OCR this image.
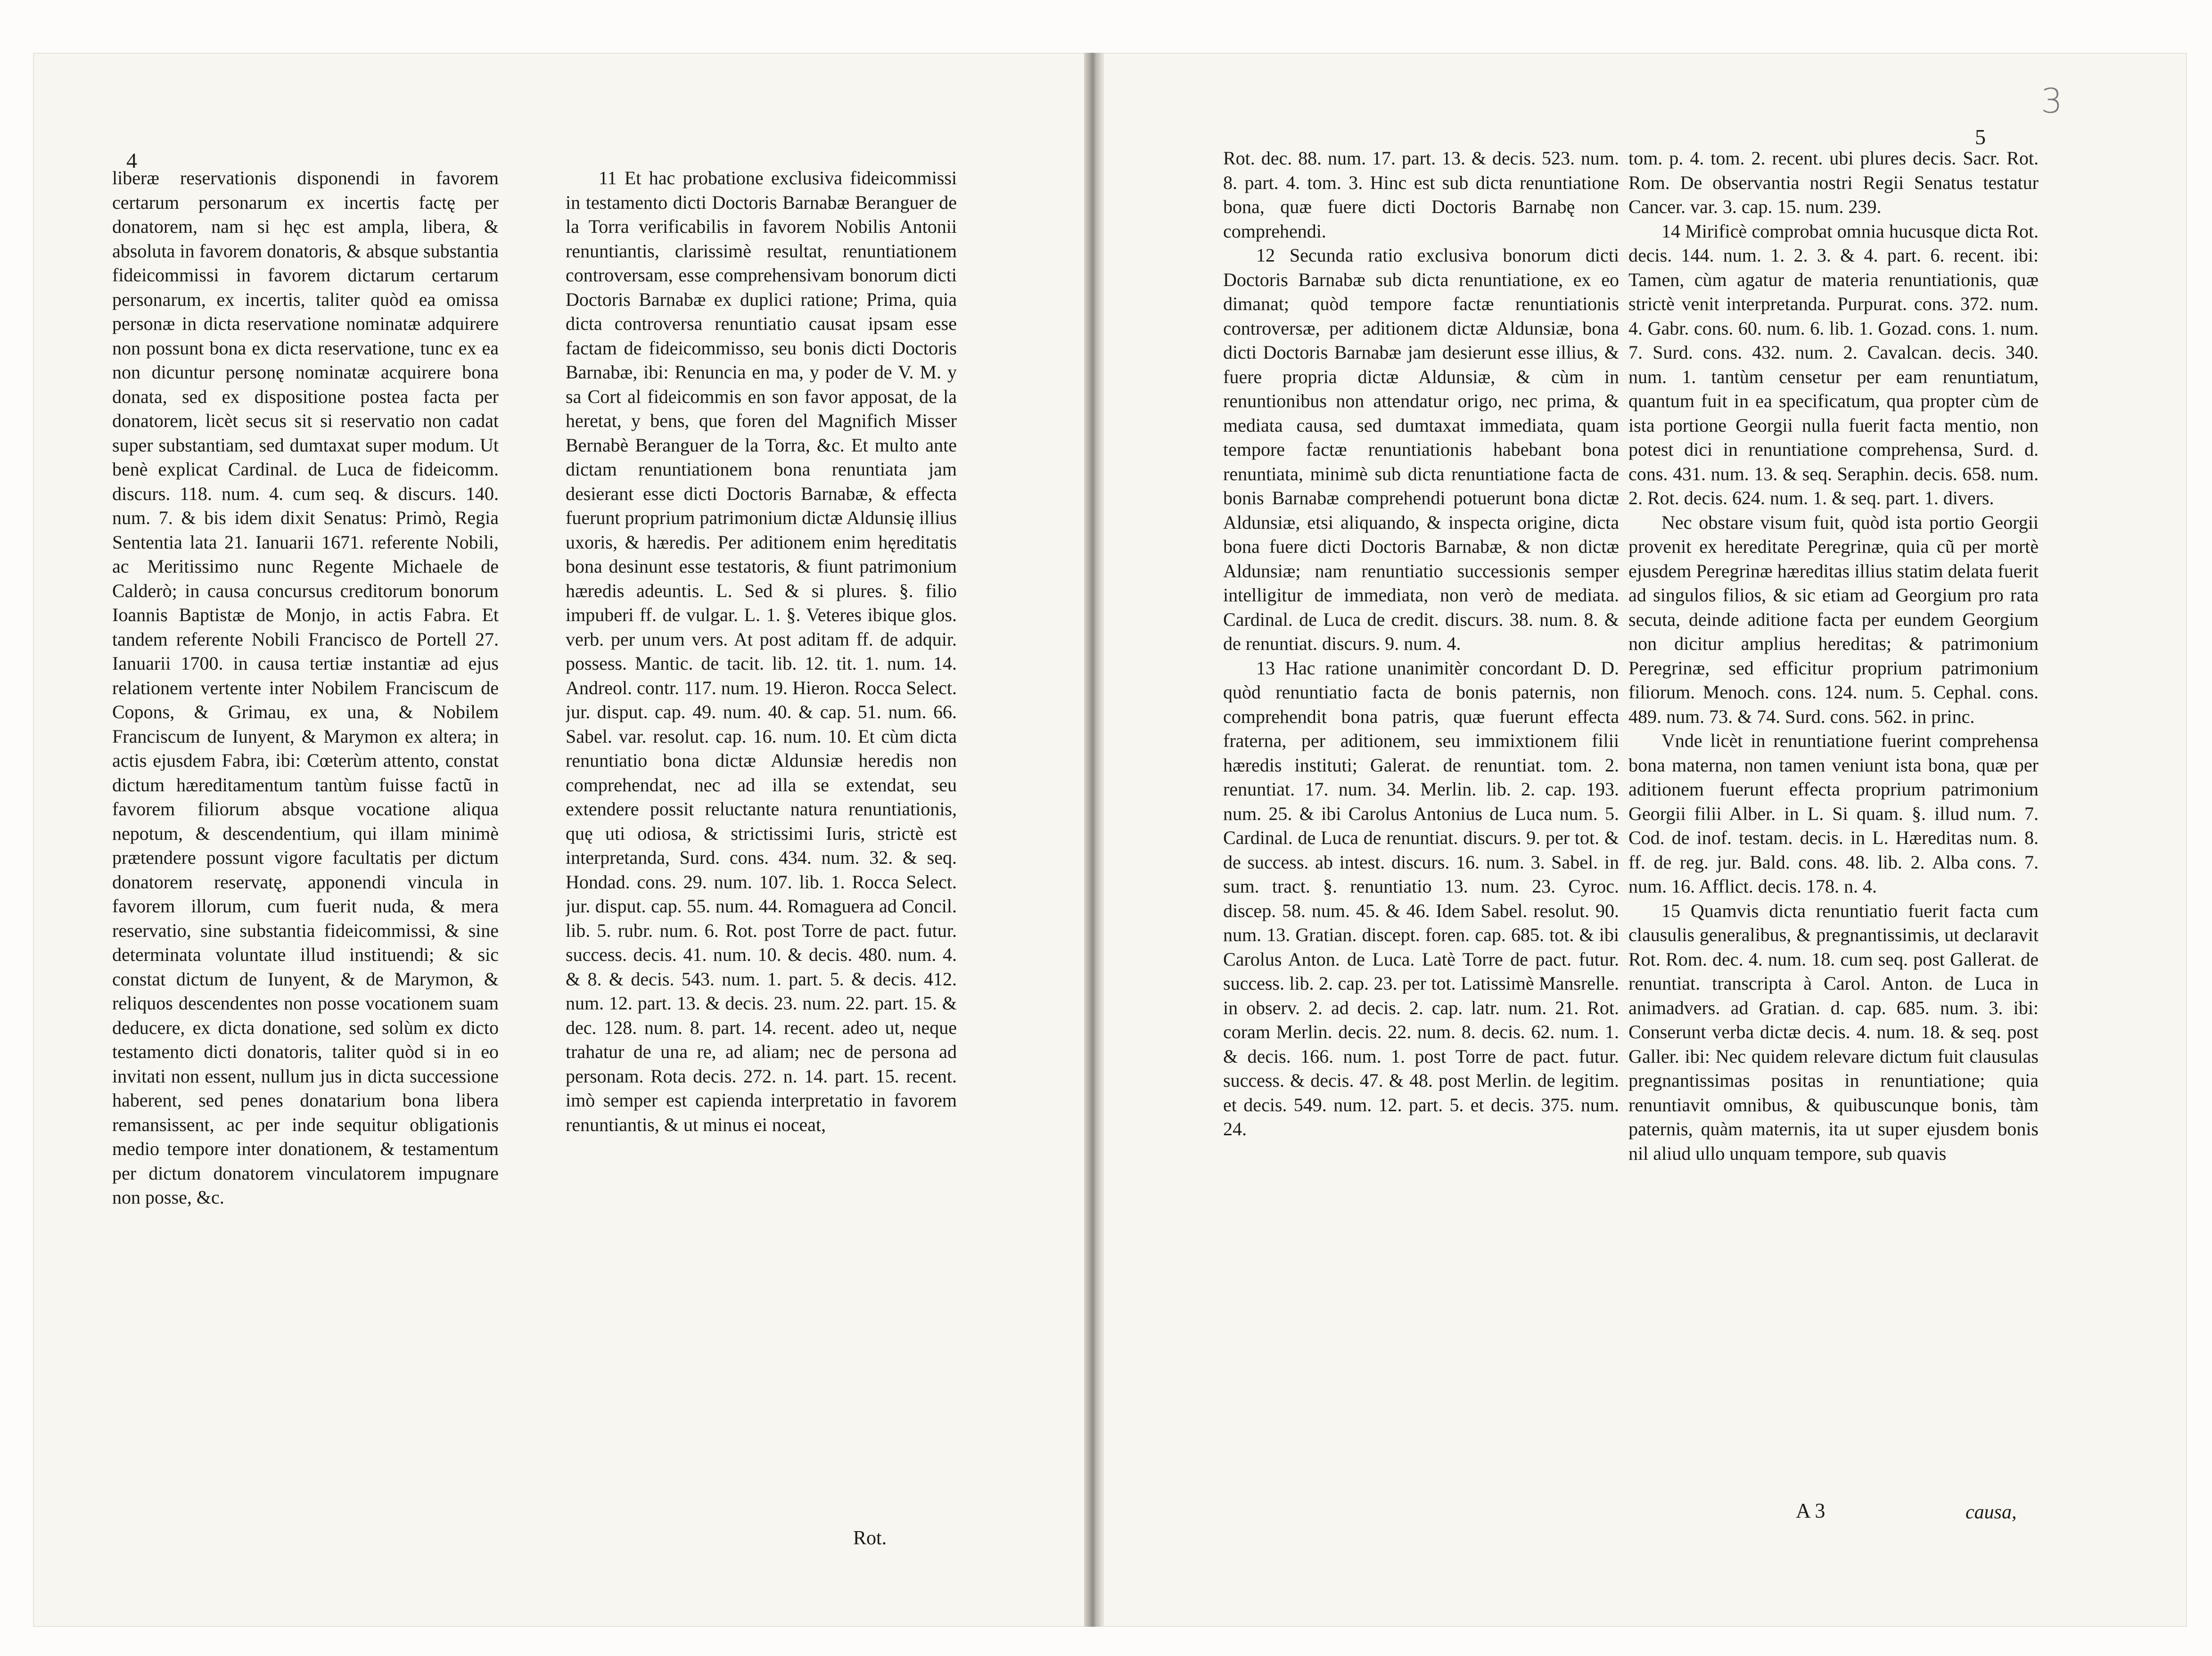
4

liberæ reservationis disponendi in favorem certarum personarum ex incertis factę per donatorem, nam si hęc est ampla, libera, & absoluta in favorem donatoris, & absque substantia fideicommissi in favorem dictarum certarum personarum, ex incertis, taliter quòd ea omissa personæ in dicta reservatione nominatæ adquirere non possunt bona ex dicta reservatione, tunc ex ea non dicuntur personę nominatæ acquirere bona donata, sed ex dispositione postea facta per donatorem, licèt secus sit si reservatio non cadat super substantiam, sed dumtaxat super modum. Ut benè explicat Cardinal. de Luca de fideicomm. discurs. 118. num. 4. cum seq. & discurs. 140. num. 7. & bis idem dixit Senatus: Primò, Regia Sententia lata 21. Ianuarii 1671. referente Nobili, ac Meritissimo nunc Regente Michaele de Calderò; in causa concursus creditorum bonorum Ioannis Baptistæ de Monjo, in actis Fabra. Et tandem referente Nobili Francisco de Portell 27. Ianuarii 1700. in causa tertiæ instantiæ ad ejus relationem vertente inter Nobilem Franciscum de Copons, & Grimau, ex una, & Nobilem Franciscum de Iunyent, & Marymon ex altera; in actis ejusdem Fabra, ibi: Cœterùm attento, constat dictum hæreditamentum tantùm fuisse factũ in favorem filiorum absque vocatione aliqua nepotum, & descendentium, qui illam minimè prætendere possunt vigore facultatis per dictum donatorem reservatę, apponendi vincula in favorem illorum, cum fuerit nuda, & mera reservatio, sine substantia fideicommissi, & sine determinata voluntate illud instituendi; & sic constat dictum de Iunyent, & de Marymon, & reliquos descendentes non posse vocationem suam deducere, ex dicta donatione, sed solùm ex dicto testamento dicti donatoris, taliter quòd si in eo invitati non essent, nullum jus in dicta successione haberent, sed penes donatarium bona libera remansissent, ac per inde sequitur obligationis medio tempore inter donationem, & testamentum per dictum donatorem vinculatorem impugnare non posse, &c.

11 Et hac probatione exclusiva fideicommissi in testamento dicti Doctoris Barnabæ Beranguer de la Torra verificabilis in favorem Nobilis Antonii renuntiantis, clarissimè resultat, renuntiationem controversam, esse comprehensivam bonorum dicti Doctoris Barnabæ ex duplici ratione; Prima, quia dicta controversa renuntiatio causat ipsam esse factam de fideicommisso, seu bonis dicti Doctoris Barnabæ, ibi: Renuncia en ma, y poder de V. M. y sa Cort al fideicommis en son favor apposat, de la heretat, y bens, que foren del Magnifich Misser Bernabè Beranguer de la Torra, &c. Et multo ante dictam renuntiationem bona renuntiata jam desierant esse dicti Doctoris Barnabæ, & effecta fuerunt proprium patrimonium dictæ Aldunsię illius uxoris, & hæredis. Per aditionem enim hęreditatis bona desinunt esse testatoris, & fiunt patrimonium hæredis adeuntis. L. Sed & si plures. §. filio impuberi ff. de vulgar. L. 1. §. Veteres ibique glos. verb. per unum vers. At post aditam ff. de adquir. possess. Mantic. de tacit. lib. 12. tit. 1. num. 14. Andreol. contr. 117. num. 19. Hieron. Rocca Select. jur. disput. cap. 49. num. 40. & cap. 51. num. 66. Sabel. var. resolut. cap. 16. num. 10. Et cùm dicta renuntiatio bona dictæ Aldunsiæ heredis non comprehendat, nec ad illa se extendat, seu extendere possit reluctante natura renuntiationis, quę uti odiosa, & strictissimi Iuris, strictè est interpretanda, Surd. cons. 434. num. 32. & seq. Hondad. cons. 29. num. 107. lib. 1. Rocca Select. jur. disput. cap. 55. num. 44. Romaguera ad Concil. lib. 5. rubr. num. 6. Rot. post Torre de pact. futur. success. decis. 41. num. 10. & decis. 480. num. 4. & 8. & decis. 543. num. 1. part. 5. & decis. 412. num. 12. part. 13. & decis. 23. num. 22. part. 15. & dec. 128. num. 8. part. 14. recent. adeo ut, neque trahatur de una re, ad aliam; nec de persona ad personam. Rota decis. 272. n. 14. part. 15. recent. imò semper est capienda interpretatio in favorem renuntiantis, & ut minus ei noceat,

Rot.
3
5

Rot. dec. 88. num. 17. part. 13. & decis. 523. num. 8. part. 4. tom. 3. Hinc est sub dicta renuntiatione bona, quæ fuere dicti Doctoris Barnabę non comprehendi.

12 Secunda ratio exclusiva bonorum dicti Doctoris Barnabæ sub dicta renuntiatione, ex eo dimanat; quòd tempore factæ renuntiationis controversæ, per aditionem dictæ Aldunsiæ, bona dicti Doctoris Barnabæ jam desierunt esse illius, & fuere propria dictæ Aldunsiæ, & cùm in renuntionibus non attendatur origo, nec prima, & mediata causa, sed dumtaxat immediata, quam tempore factæ renuntiationis habebant bona renuntiata, minimè sub dicta renuntiatione facta de bonis Barnabæ comprehendi potuerunt bona dictæ Aldunsiæ, etsi aliquando, & inspecta origine, dicta bona fuere dicti Doctoris Barnabæ, & non dictæ Aldunsiæ; nam renuntiatio successionis semper intelligitur de immediata, non verò de mediata. Cardinal. de Luca de credit. discurs. 38. num. 8. & de renuntiat. discurs. 9. num. 4.

13 Hac ratione unanimitèr concordant D. D. quòd renuntiatio facta de bonis paternis, non comprehendit bona patris, quæ fuerunt effecta fraterna, per aditionem, seu immixtionem filii hæredis instituti; Galerat. de renuntiat. tom. 2. renuntiat. 17. num. 34. Merlin. lib. 2. cap. 193. num. 25. & ibi Carolus Antonius de Luca num. 5. Cardinal. de Luca de renuntiat. discurs. 9. per tot. & de success. ab intest. discurs. 16. num. 3. Sabel. in sum. tract. §. renuntiatio 13. num. 23. Cyroc. discep. 58. num. 45. & 46. Idem Sabel. resolut. 90. num. 13. Gratian. discept. foren. cap. 685. tot. & ibi Carolus Anton. de Luca. Latè Torre de pact. futur. success. lib. 2. cap. 23. per tot. Latissimè Mansrelle. in observ. 2. ad decis. 2. cap. latr. num. 21. Rot. coram Merlin. decis. 22. num. 8. decis. 62. num. 1. & decis. 166. num. 1. post Torre de pact. futur. success. & decis. 47. & 48. post Merlin. de legitim. et decis. 549. num. 12. part. 5. et decis. 375. num. 24.

tom. p. 4. tom. 2. recent. ubi plures decis. Sacr. Rot. Rom. De observantia nostri Regii Senatus testatur Cancer. var. 3. cap. 15. num. 239.

14 Mirificè comprobat omnia hucusque dicta Rot. decis. 144. num. 1. 2. 3. & 4. part. 6. recent. ibi: Tamen, cùm agatur de materia renuntiationis, quæ strictè venit interpretanda. Purpurat. cons. 372. num. 4. Gabr. cons. 60. num. 6. lib. 1. Gozad. cons. 1. num. 7. Surd. cons. 432. num. 2. Cavalcan. decis. 340. num. 1. tantùm censetur per eam renuntiatum, quantum fuit in ea specificatum, qua propter cùm de ista portione Georgii nulla fuerit facta mentio, non potest dici in renuntiatione comprehensa, Surd. d. cons. 431. num. 13. & seq. Seraphin. decis. 658. num. 2. Rot. decis. 624. num. 1. & seq. part. 1. divers.

Nec obstare visum fuit, quòd ista portio Georgii provenit ex hereditate Peregrinæ, quia cũ per mortè ejusdem Peregrinæ hæreditas illius statim delata fuerit ad singulos filios, & sic etiam ad Georgium pro rata secuta, deinde aditione facta per eundem Georgium non dicitur amplius hereditas; & patrimonium Peregrinæ, sed efficitur proprium patrimonium filiorum. Menoch. cons. 124. num. 5. Cephal. cons. 489. num. 73. & 74. Surd. cons. 562. in princ.

Vnde licèt in renuntiatione fuerint comprehensa bona materna, non tamen veniunt ista bona, quæ per aditionem fuerunt effecta proprium patrimonium Georgii filii Alber. in L. Si quam. §. illud num. 7. Cod. de inof. testam. decis. in L. Hæreditas num. 8. ff. de reg. jur. Bald. cons. 48. lib. 2. Alba cons. 7. num. 16. Afflict. decis. 178. n. 4.

15 Quamvis dicta renuntiatio fuerit facta cum clausulis generalibus, & pregnantissimis, ut declaravit Rot. Rom. dec. 4. num. 18. cum seq. post Gallerat. de renuntiat. transcripta à Carol. Anton. de Luca in animadvers. ad Gratian. d. cap. 685. num. 3. ibi: Conserunt verba dictæ decis. 4. num. 18. & seq. post Galler. ibi: Nec quidem relevare dictum fuit clausulas pregnantissimas positas in renuntiatione; quia renuntiavit omnibus, & quibuscunque bonis, tàm paternis, quàm maternis, ita ut super ejusdem bonis nil aliud ullo unquam tempore, sub quavis

A 3	causa,
